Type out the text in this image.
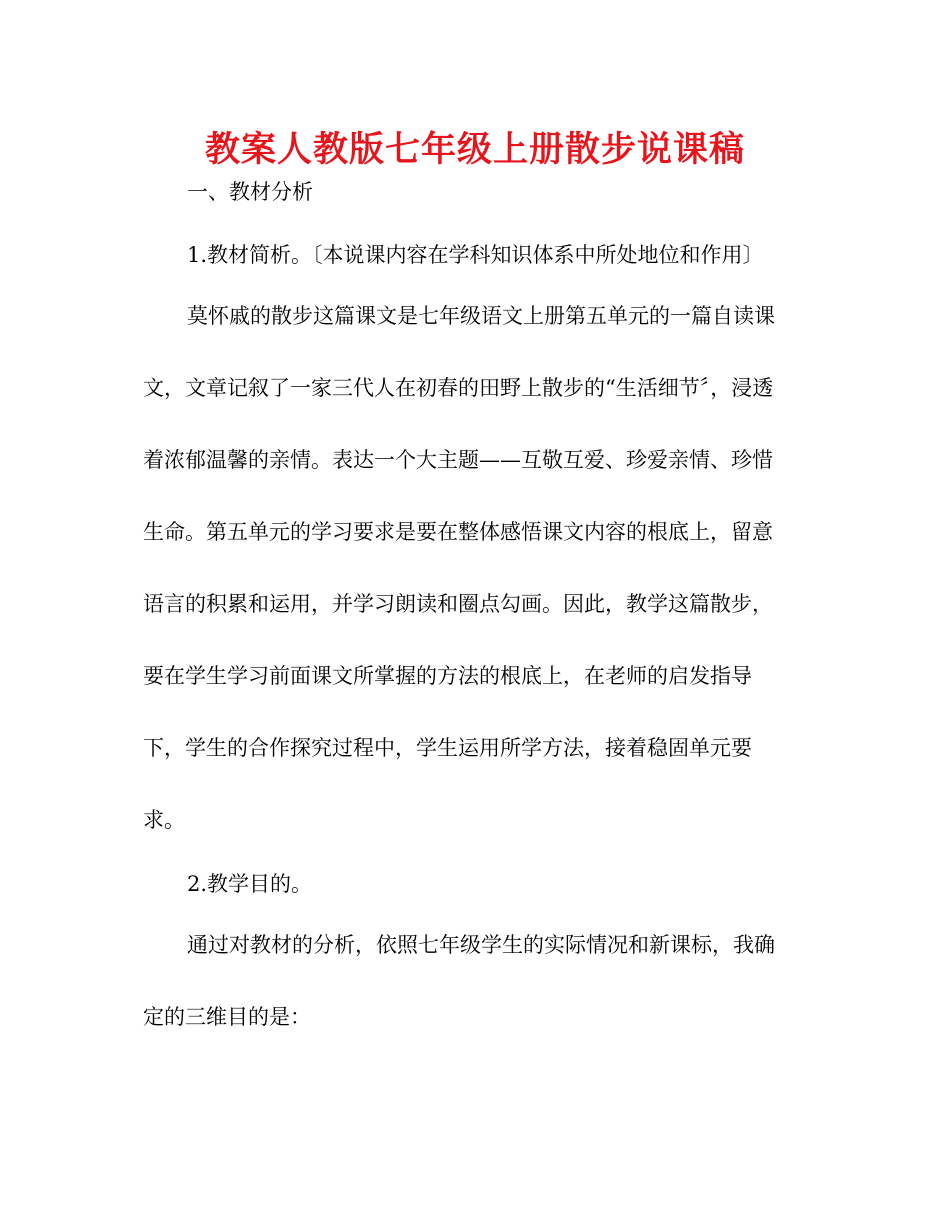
教案人教版七年级上册散步说课稿
一、教材分析
1.教材简析。〔本说课内容在学科知识体系中所处地位和作用〕
莫怀戚的散步这篇课文是七年级语文上册第五单元的一篇自读课
文，文章记叙了一家三代人在初春的田野上散步的“生活细节〞，浸透
着浓郁温馨的亲情。表达一个大主题——互敬互爱、珍爱亲情、珍惜
生命。第五单元的学习要求是要在整体感悟课文内容的根底上，留意
语言的积累和运用，并学习朗读和圈点勾画。因此，教学这篇散步，
要在学生学习前面课文所掌握的方法的根底上，在老师的启发指导
下，学生的合作探究过程中，学生运用所学方法，接着稳固单元要
求。
2.教学目的。
通过对教材的分析，依照七年级学生的实际情况和新课标，我确
定的三维目的是：
